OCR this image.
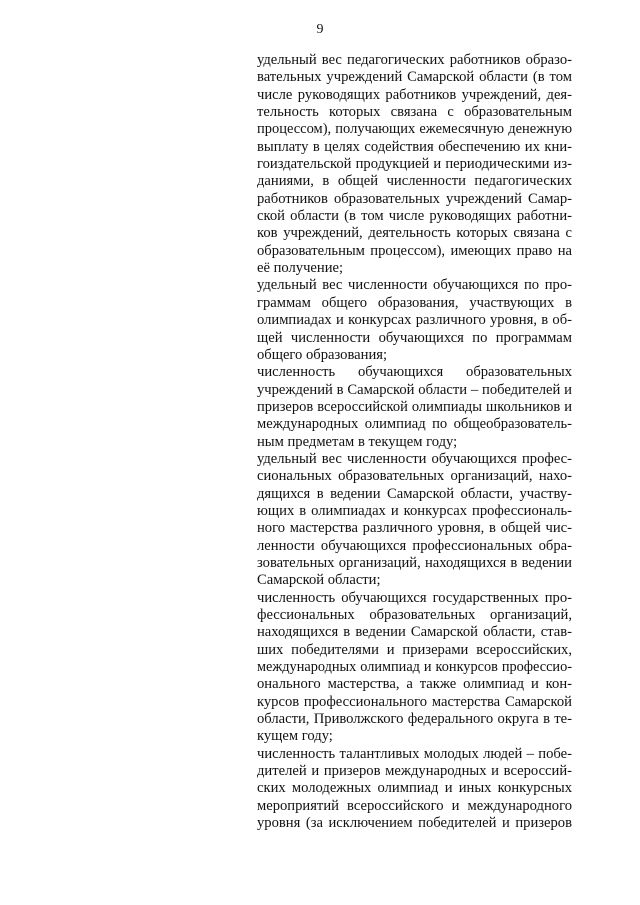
9
удельный вес педагогических работников образо-
вательных учреждений Самарской области (в том
числе руководящих работников учреждений, дея-
тельность которых связана с образовательным
процессом), получающих ежемесячную денежную
выплату в целях содействия обеспечению их кни-
гоиздательской продукцией и периодическими из-
даниями, в общей численности педагогических
работников образовательных учреждений Самар-
ской области (в том числе руководящих работни-
ков учреждений, деятельность которых связана с
образовательным процессом), имеющих право на
её получение;
удельный вес численности обучающихся по про-
граммам общего образования, участвующих в
олимпиадах и конкурсах различного уровня, в об-
щей численности обучающихся по программам
общего образования;
численность обучающихся образовательных
учреждений в Самарской области – победителей и
призеров всероссийской олимпиады школьников и
международных олимпиад по общеобразователь-
ным предметам в текущем году;
удельный вес численности обучающихся профес-
сиональных образовательных организаций, нахо-
дящихся в ведении Самарской области, участву-
ющих в олимпиадах и конкурсах профессиональ-
ного мастерства различного уровня, в общей чис-
ленности обучающихся профессиональных обра-
зовательных организаций, находящихся в ведении
Самарской области;
численность обучающихся государственных про-
фессиональных образовательных организаций,
находящихся в ведении Самарской области, став-
ших победителями и призерами всероссийских,
международных олимпиад и конкурсов профессио-
онального мастерства, а также олимпиад и кон-
курсов профессионального мастерства Самарской
области, Приволжского федерального округа в те-
кущем году;
численность талантливых молодых людей – побе-
дителей и призеров международных и всероссий-
ских молодежных олимпиад и иных конкурсных
мероприятий всероссийского и международного
уровня (за исключением победителей и призеров
